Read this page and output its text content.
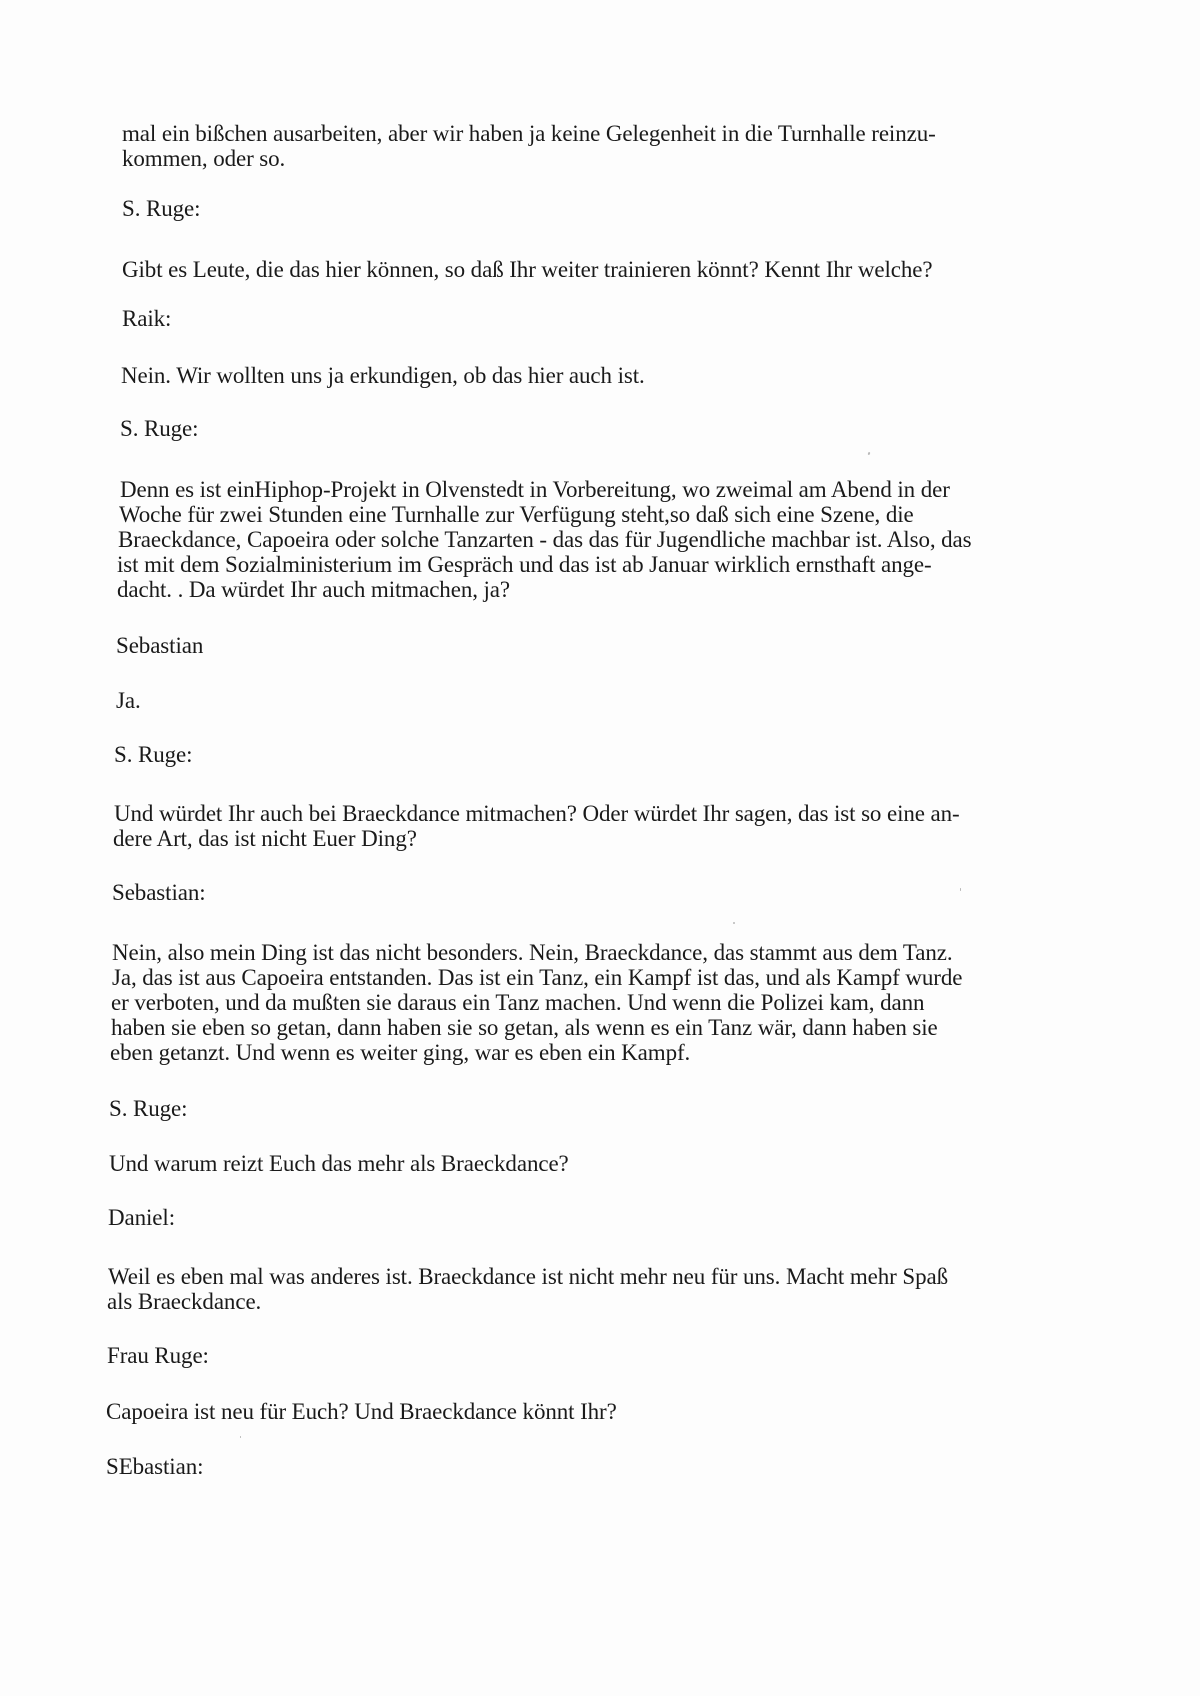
mal ein bißchen ausarbeiten, aber wir haben ja keine Gelegenheit in die Turnhalle reinzu-
kommen, oder so.
S. Ruge:
Gibt es Leute, die das hier können, so daß Ihr weiter trainieren könnt? Kennt Ihr welche?
Raik:
Nein. Wir wollten uns ja erkundigen, ob das hier auch ist.
S. Ruge:
Denn es ist einHiphop-Projekt in Olvenstedt in Vorbereitung, wo zweimal am Abend in der
Woche für zwei Stunden eine Turnhalle zur Verfügung steht,so daß sich eine Szene, die
Braeckdance, Capoeira oder solche Tanzarten - das das für Jugendliche machbar ist. Also, das
ist mit dem Sozialministerium im Gespräch und das ist ab Januar wirklich ernsthaft ange-
dacht. . Da würdet Ihr auch mitmachen, ja?
Sebastian
Ja.
S. Ruge:
Und würdet Ihr auch bei Braeckdance mitmachen? Oder würdet Ihr sagen, das ist so eine an-
dere Art, das ist nicht Euer Ding?
Sebastian:
Nein, also mein Ding ist das nicht besonders. Nein, Braeckdance, das stammt aus dem Tanz.
Ja, das ist aus Capoeira entstanden. Das ist ein Tanz, ein Kampf ist das, und als Kampf wurde
er verboten, und da mußten sie daraus ein Tanz machen. Und wenn die Polizei kam, dann
haben sie eben so getan, dann haben sie so getan, als wenn es ein Tanz wär, dann haben sie
eben getanzt. Und wenn es weiter ging, war es eben ein Kampf.
S. Ruge:
Und warum reizt Euch das mehr als Braeckdance?
Daniel:
Weil es eben mal was anderes ist. Braeckdance ist nicht mehr neu für uns. Macht mehr Spaß
als Braeckdance.
Frau Ruge:
Capoeira ist neu für Euch? Und Braeckdance könnt Ihr?
SEbastian:
